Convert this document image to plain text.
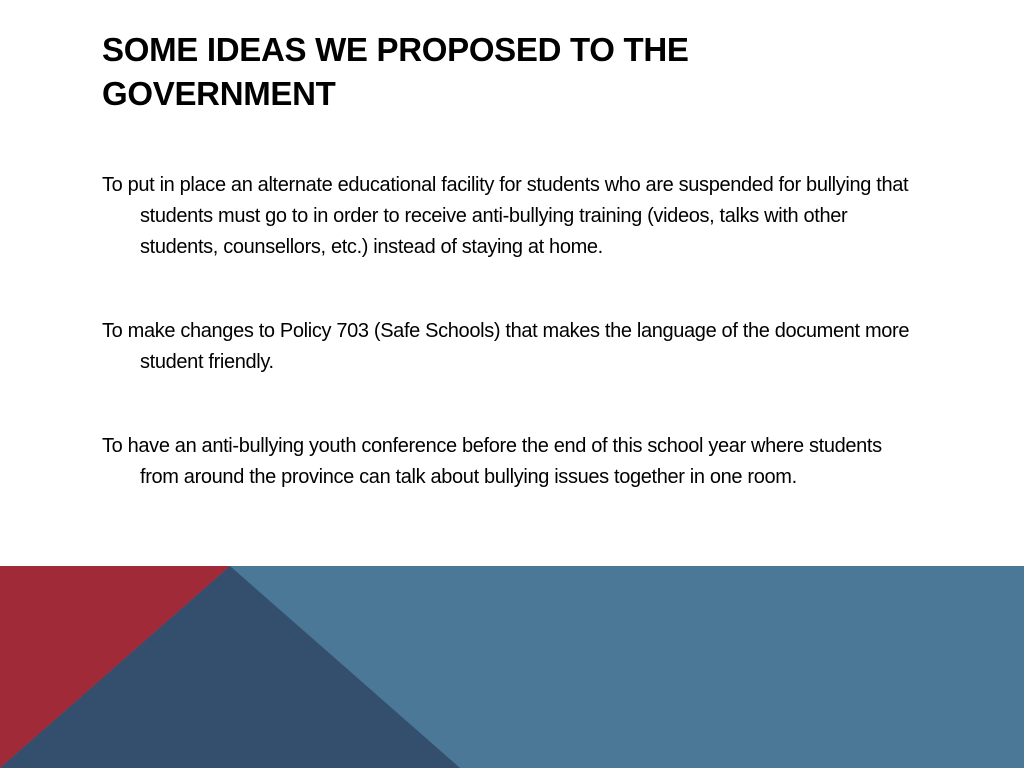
SOME IDEAS WE PROPOSED TO THE GOVERNMENT
To put in place an alternate educational facility for students who are suspended for bullying that students must go to in order to receive anti-bullying training (videos, talks with other students, counsellors, etc.) instead of staying at home.
To make changes to Policy 703 (Safe Schools) that makes the language of the document more student friendly.
To have an anti-bullying youth conference before the end of this school year where students from around the province can talk about bullying issues together in one room.
